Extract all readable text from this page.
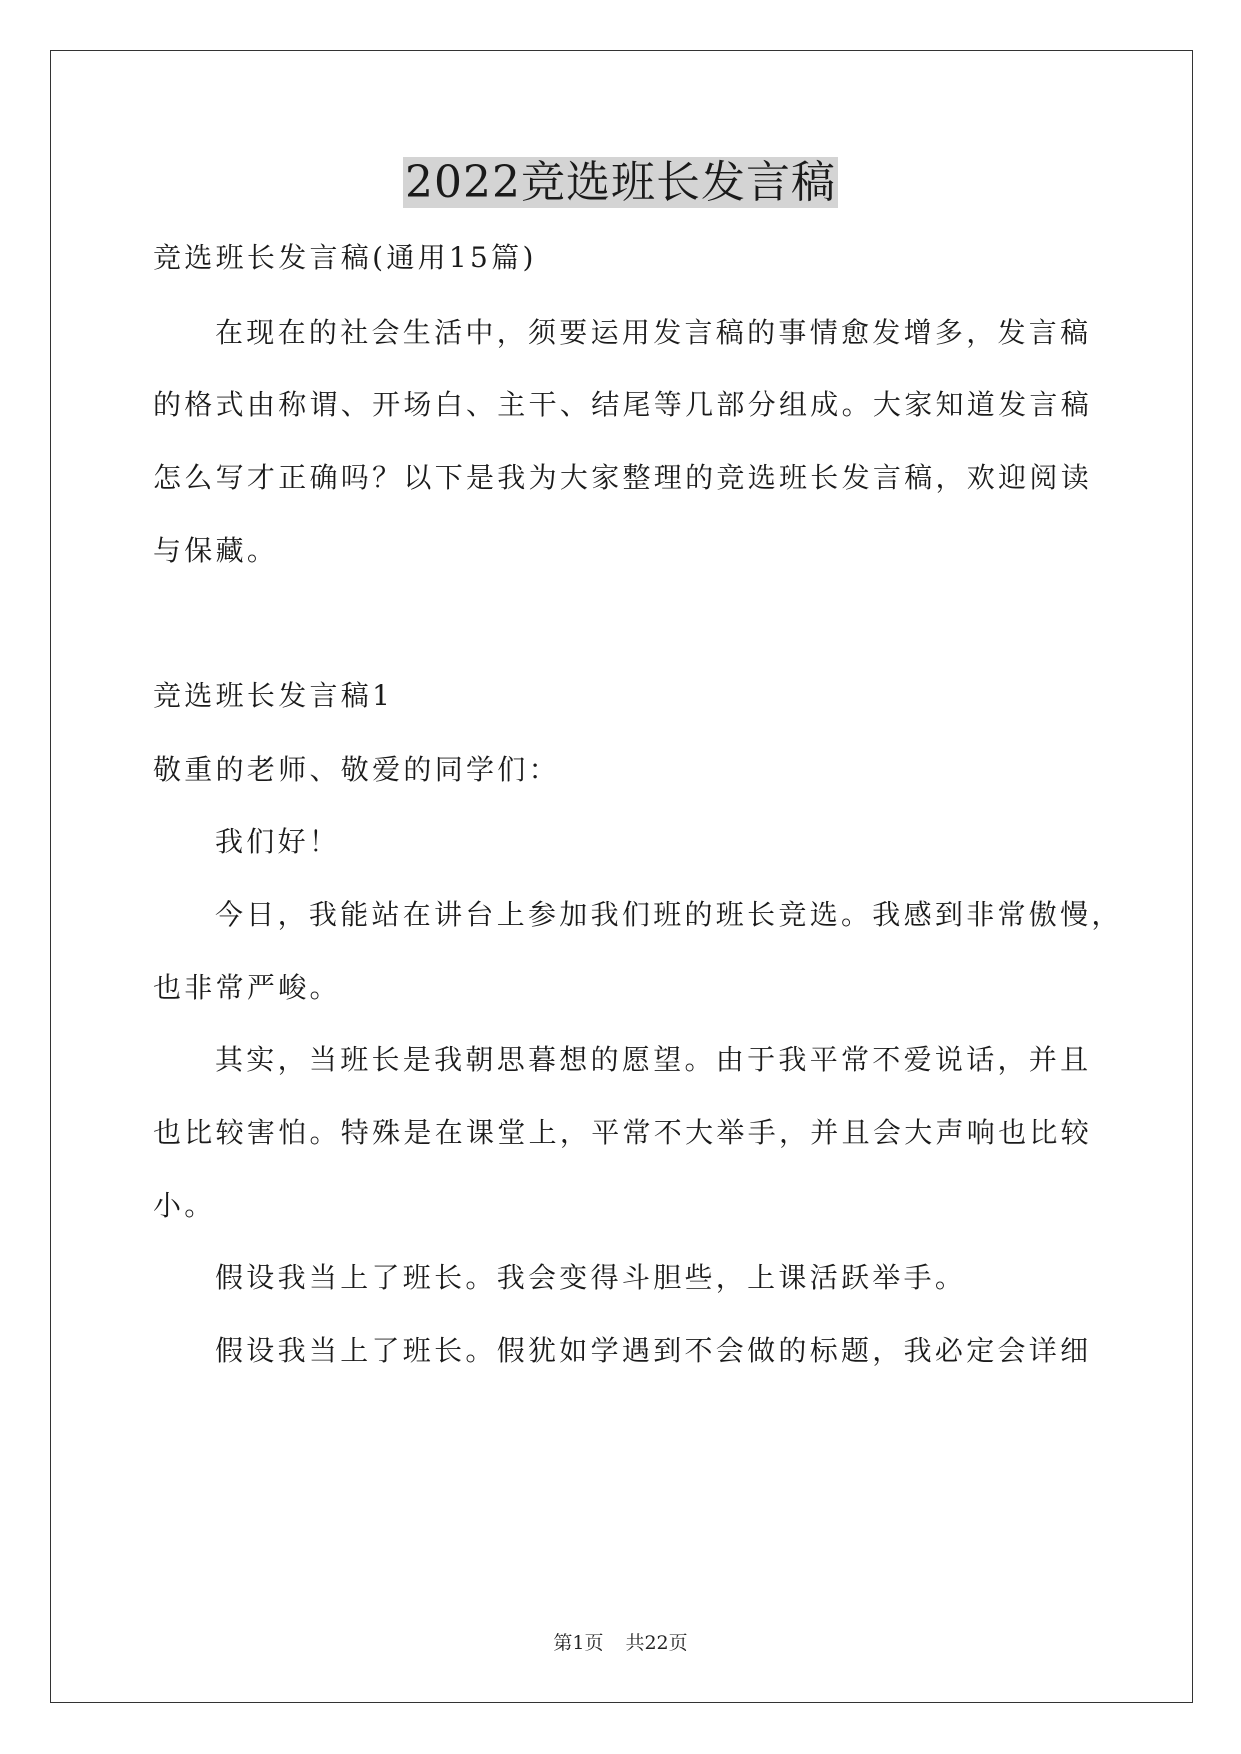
2022竞选班长发言稿
竞选班长发言稿(通用15篇)
在现在的社会生活中，须要运用发言稿的事情愈发增多，发言稿
的格式由称谓、开场白、主干、结尾等几部分组成。大家知道发言稿
怎么写才正确吗？以下是我为大家整理的竞选班长发言稿，欢迎阅读
与保藏。
竞选班长发言稿1
敬重的老师、敬爱的同学们：
我们好！
今日，我能站在讲台上参加我们班的班长竞选。我感到非常傲慢，
也非常严峻。
其实，当班长是我朝思暮想的愿望。由于我平常不爱说话，并且
也比较害怕。特殊是在课堂上，平常不大举手，并且会大声响也比较
小。
假设我当上了班长。我会变得斗胆些，上课活跃举手。
假设我当上了班长。假犹如学遇到不会做的标题，我必定会详细
第1页 共22页
